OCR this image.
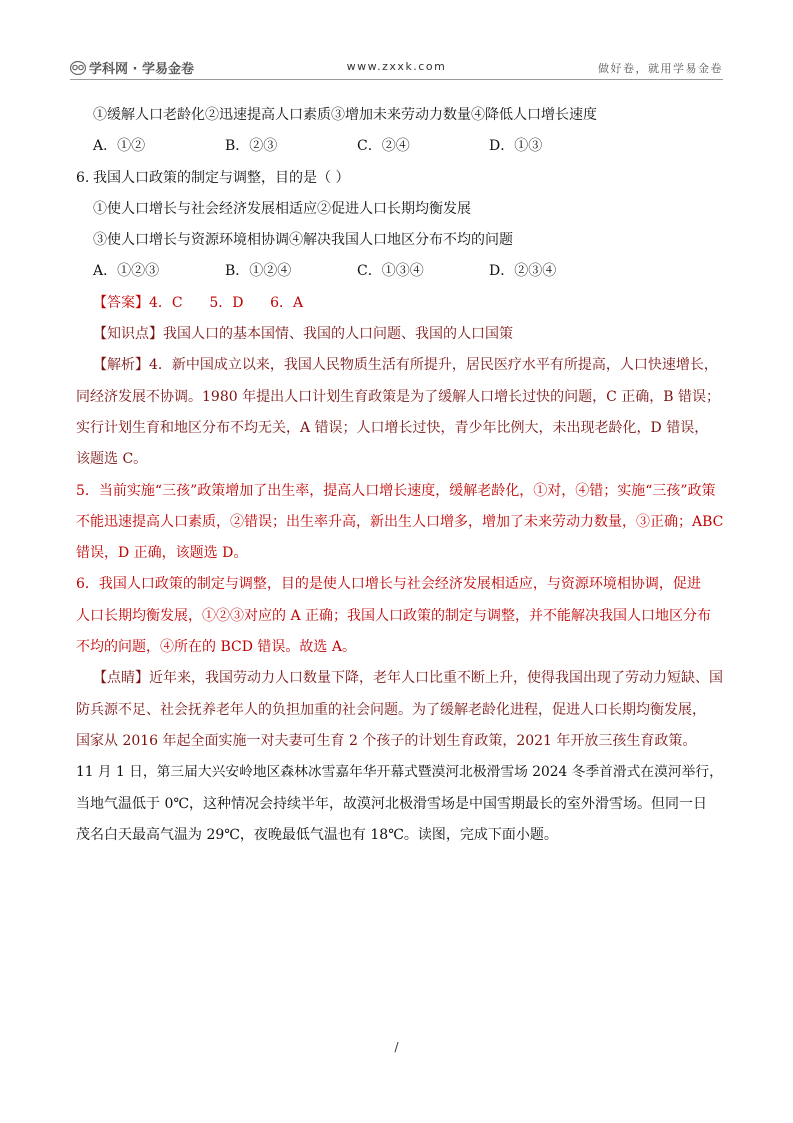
学科网 · 学易金卷	www.zxxk.com	做好卷，就用学易金卷
①缓解人口老龄化②迅速提高人口素质③增加未来劳动力数量④降低人口增长速度
A．①②	B．②③	C．②④	D．①③
6. 我国人口政策的制定与调整，目的是（ ）
①使人口增长与社会经济发展相适应②促进人口长期均衡发展
③使人口增长与资源环境相协调④解决我国人口地区分布不均的问题
A．①②③	B．①②④	C．①③④	D．②③④
【答案】4．C      5．D      6．A
【知识点】我国人口的基本国情、我国的人口问题、我国的人口国策
【解析】4．新中国成立以来，我国人民物质生活有所提升，居民医疗水平有所提高，人口快速增长，
同经济发展不协调。1980 年提出人口计划生育政策是为了缓解人口增长过快的问题，C 正确，B 错误；
实行计划生育和地区分布不均无关，A 错误；人口增长过快，青少年比例大，未出现老龄化，D 错误，
该题选 C。
5．当前实施“三孩”政策增加了出生率，提高人口增长速度，缓解老龄化，①对，④错；实施“三孩”政策
不能迅速提高人口素质，②错误；出生率升高，新出生人口增多，增加了未来劳动力数量，③正确；ABC
错误，D 正确，该题选 D。
6．我国人口政策的制定与调整，目的是使人口增长与社会经济发展相适应，与资源环境相协调，促进
人口长期均衡发展，①②③对应的 A 正确；我国人口政策的制定与调整，并不能解决我国人口地区分布
不均的问题，④所在的 BCD 错误。故选 A。
【点睛】近年来，我国劳动力人口数量下降，老年人口比重不断上升，使得我国出现了劳动力短缺、国
防兵源不足、社会抚养老年人的负担加重的社会问题。为了缓解老龄化进程，促进人口长期均衡发展，
国家从 2016 年起全面实施一对夫妻可生育 2 个孩子的计划生育政策，2021 年开放三孩生育政策。
11 月 1 日，第三届大兴安岭地区森林冰雪嘉年华开幕式暨漠河北极滑雪场 2024 冬季首滑式在漠河举行，
当地气温低于 0℃，这种情况会持续半年，故漠河北极滑雪场是中国雪期最长的室外滑雪场。但同一日
茂名白天最高气温为 29℃，夜晚最低气温也有 18℃。读图，完成下面小题。
/
